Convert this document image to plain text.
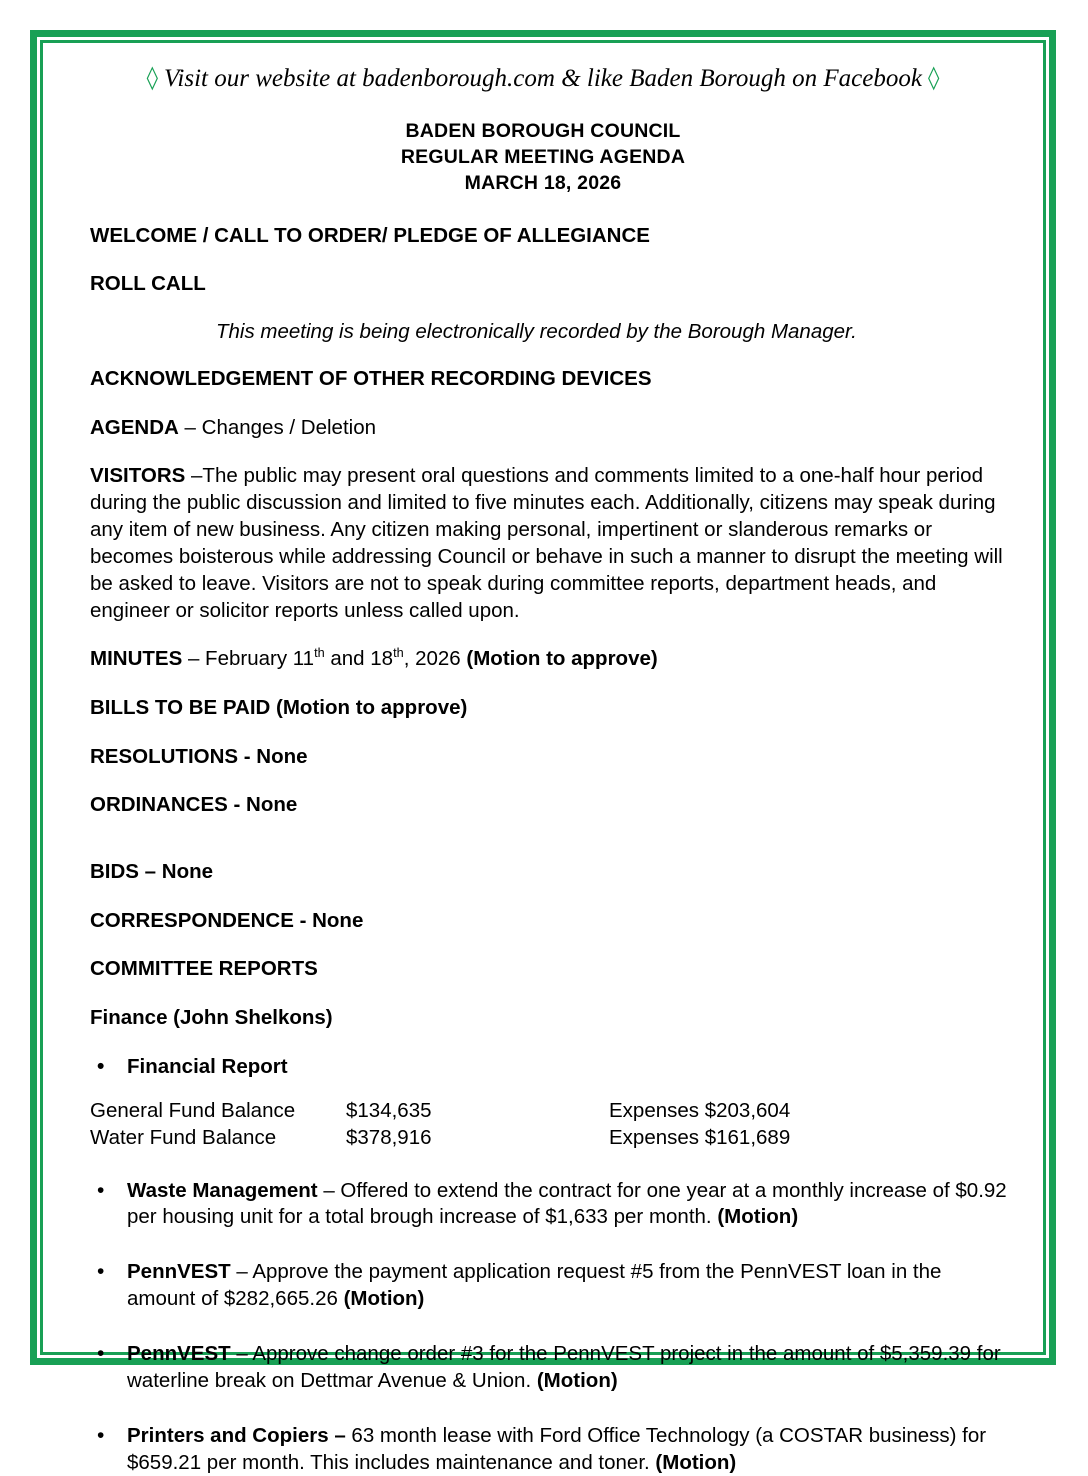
◊ Visit our website at badenborough.com & like Baden Borough on Facebook ◊
BADEN BOROUGH COUNCIL
REGULAR MEETING AGENDA
MARCH 18, 2026

WELCOME / CALL TO ORDER/ PLEDGE OF ALLEGIANCE

ROLL CALL

This meeting is being electronically recorded by the Borough Manager.

ACKNOWLEDGEMENT OF OTHER RECORDING DEVICES

AGENDA – Changes / Deletion

VISITORS –The public may present oral questions and comments limited to a one-half hour period during the public discussion and limited to five minutes each. Additionally, citizens may speak during any item of new business. Any citizen making personal, impertinent or slanderous remarks or becomes boisterous while addressing Council or behave in such a manner to disrupt the meeting will be asked to leave. Visitors are not to speak during committee reports, department heads, and engineer or solicitor reports unless called upon.

MINUTES – February 11th and 18th, 2026 (Motion to approve)

BILLS TO BE PAID (Motion to approve)

RESOLUTIONS - None

ORDINANCES - None

BIDS – None

CORRESPONDENCE - None

COMMITTEE REPORTS

Finance (John Shelkons)

• Financial Report
General Fund Balance	$134,635	Expenses $203,604
Water Fund Balance	$378,916	Expenses $161,689
• Waste Management – Offered to extend the contract for one year at a monthly increase of $0.92 per housing unit for a total brough increase of $1,633 per month. (Motion)
• PennVEST – Approve the payment application request #5 from the PennVEST loan in the amount of $282,665.26 (Motion)
• PennVEST – Approve change order #3 for the PennVEST project in the amount of $5,359.39 for waterline break on Dettmar Avenue & Union. (Motion)
• Printers and Copiers – 63 month lease with Ford Office Technology (a COSTAR business) for $659.21 per month. This includes maintenance and toner. (Motion)
